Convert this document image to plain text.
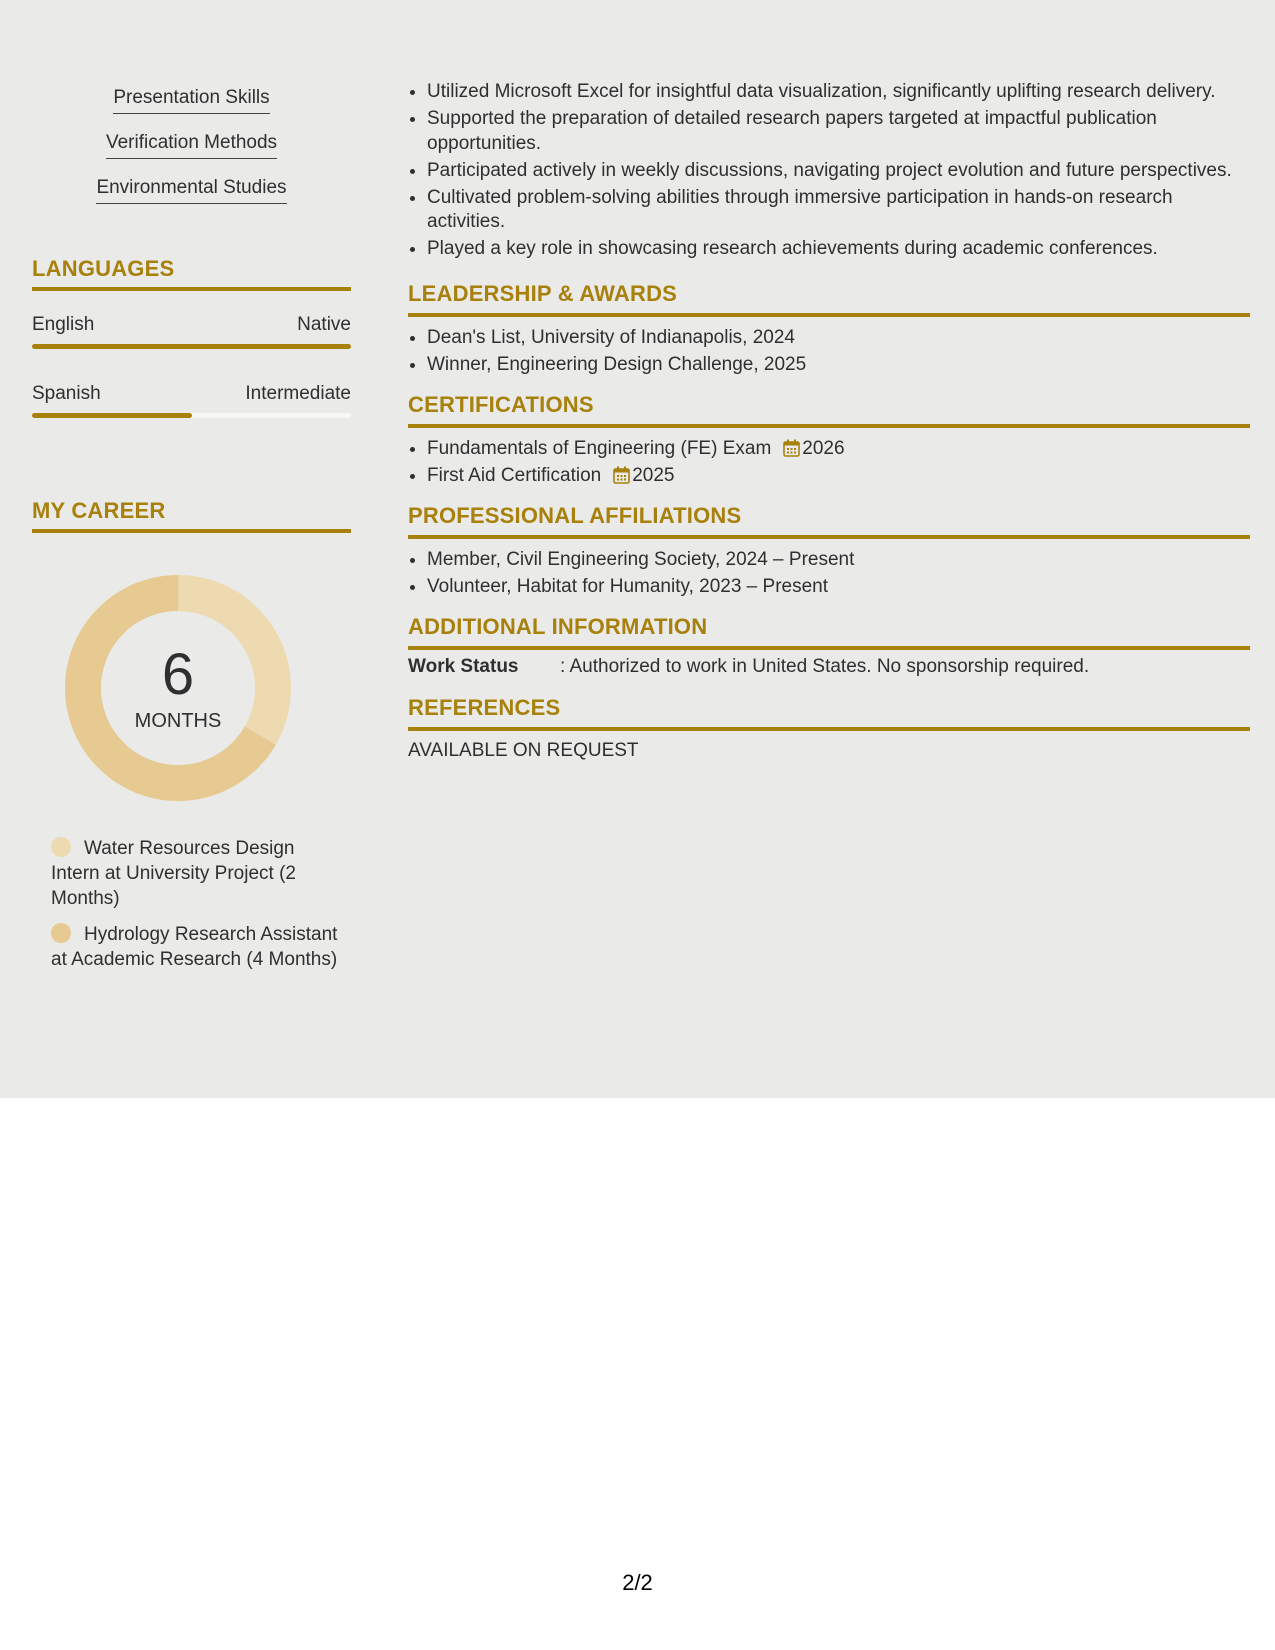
Presentation Skills
Verification Methods
Environmental Studies
LANGUAGES
English	Native
Spanish	Intermediate
MY CAREER
6
MONTHS
Water Resources Design Intern at University Project (2 Months)
Hydrology Research Assistant at Academic Research (4 Months)
• Utilized Microsoft Excel for insightful data visualization, significantly uplifting research delivery.
• Supported the preparation of detailed research papers targeted at impactful publication opportunities.
• Participated actively in weekly discussions, navigating project evolution and future perspectives.
• Cultivated problem-solving abilities through immersive participation in hands-on research activities.
• Played a key role in showcasing research achievements during academic conferences.
LEADERSHIP & AWARDS
• Dean's List, University of Indianapolis, 2024
• Winner, Engineering Design Challenge, 2025
CERTIFICATIONS
• Fundamentals of Engineering (FE) Exam 2026
• First Aid Certification 2025
PROFESSIONAL AFFILIATIONS
• Member, Civil Engineering Society, 2024 – Present
• Volunteer, Habitat for Humanity, 2023 – Present
ADDITIONAL INFORMATION
Work Status : Authorized to work in United States. No sponsorship required.
REFERENCES
AVAILABLE ON REQUEST
2/2
